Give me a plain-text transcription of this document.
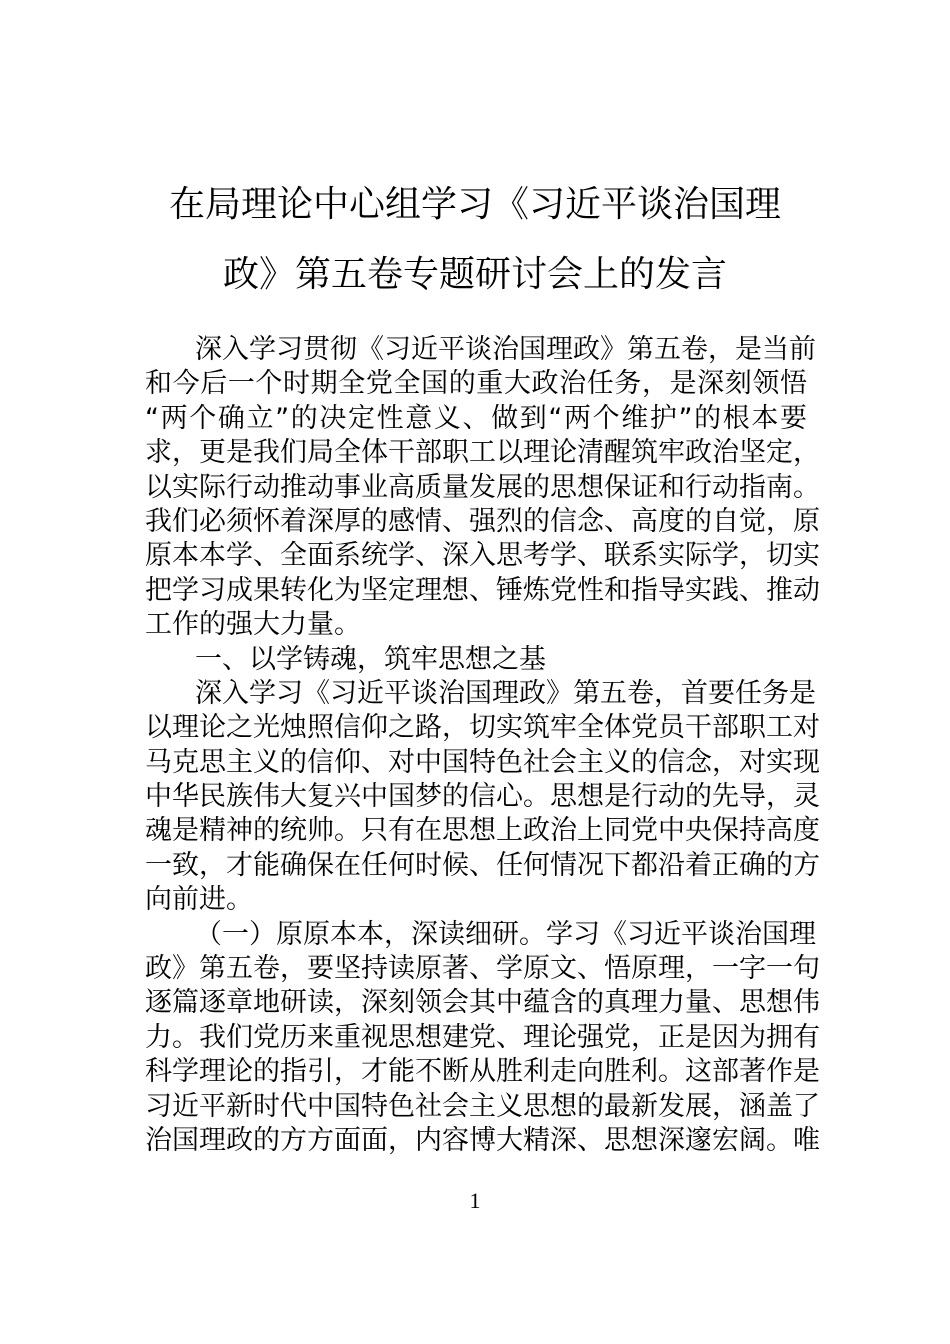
在局理论中心组学习《习近平谈治国理
政》第五卷专题研讨会上的发言
深入学习贯彻《习近平谈治国理政》第五卷，是当前
和今后一个时期全党全国的重大政治任务，是深刻领悟
“两个确立”的决定性意义、做到“两个维护”的根本要
求，更是我们局全体干部职工以理论清醒筑牢政治坚定，
以实际行动推动事业高质量发展的思想保证和行动指南。
我们必须怀着深厚的感情、强烈的信念、高度的自觉，原
原本本学、全面系统学、深入思考学、联系实际学，切实
把学习成果转化为坚定理想、锤炼党性和指导实践、推动
工作的强大力量。
一、以学铸魂，筑牢思想之基
深入学习《习近平谈治国理政》第五卷，首要任务是
以理论之光烛照信仰之路，切实筑牢全体党员干部职工对
马克思主义的信仰、对中国特色社会主义的信念，对实现
中华民族伟大复兴中国梦的信心。思想是行动的先导，灵
魂是精神的统帅。只有在思想上政治上同党中央保持高度
一致，才能确保在任何时候、任何情况下都沿着正确的方
向前进。
（一）原原本本，深读细研。学习《习近平谈治国理
政》第五卷，要坚持读原著、学原文、悟原理，一字一句
逐篇逐章地研读，深刻领会其中蕴含的真理力量、思想伟
力。我们党历来重视思想建党、理论强党，正是因为拥有
科学理论的指引，才能不断从胜利走向胜利。这部著作是
习近平新时代中国特色社会主义思想的最新发展，涵盖了
治国理政的方方面面，内容博大精深、思想深邃宏阔。唯
1
